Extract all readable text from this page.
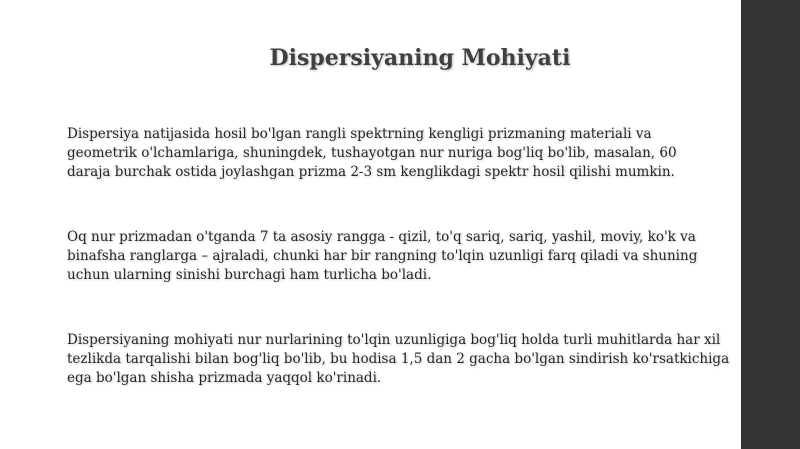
Dispersiyaning Mohiyati

Dispersiya natijasida hosil bo'lgan rangli spektrning kengligi prizmaning materiali va
geometrik o'lchamlariga, shuningdek, tushayotgan nur nuriga bog'liq bo'lib, masalan, 60
daraja burchak ostida joylashgan prizma 2-3 sm kenglikdagi spektr hosil qilishi mumkin.

Oq nur prizmadan o'tganda 7 ta asosiy rangga - qizil, to'q sariq, sariq, yashil, moviy, ko'k va
binafsha ranglarga – ajraladi, chunki har bir rangning to'lqin uzunligi farq qiladi va shuning
uchun ularning sinishi burchagi ham turlicha bo'ladi.

Dispersiyaning mohiyati nur nurlarining to'lqin uzunligiga bog'liq holda turli muhitlarda har xil
tezlikda tarqalishi bilan bog'liq bo'lib, bu hodisa 1,5 dan 2 gacha bo'lgan sindirish ko'rsatkichiga
ega bo'lgan shisha prizmada yaqqol ko'rinadi.
